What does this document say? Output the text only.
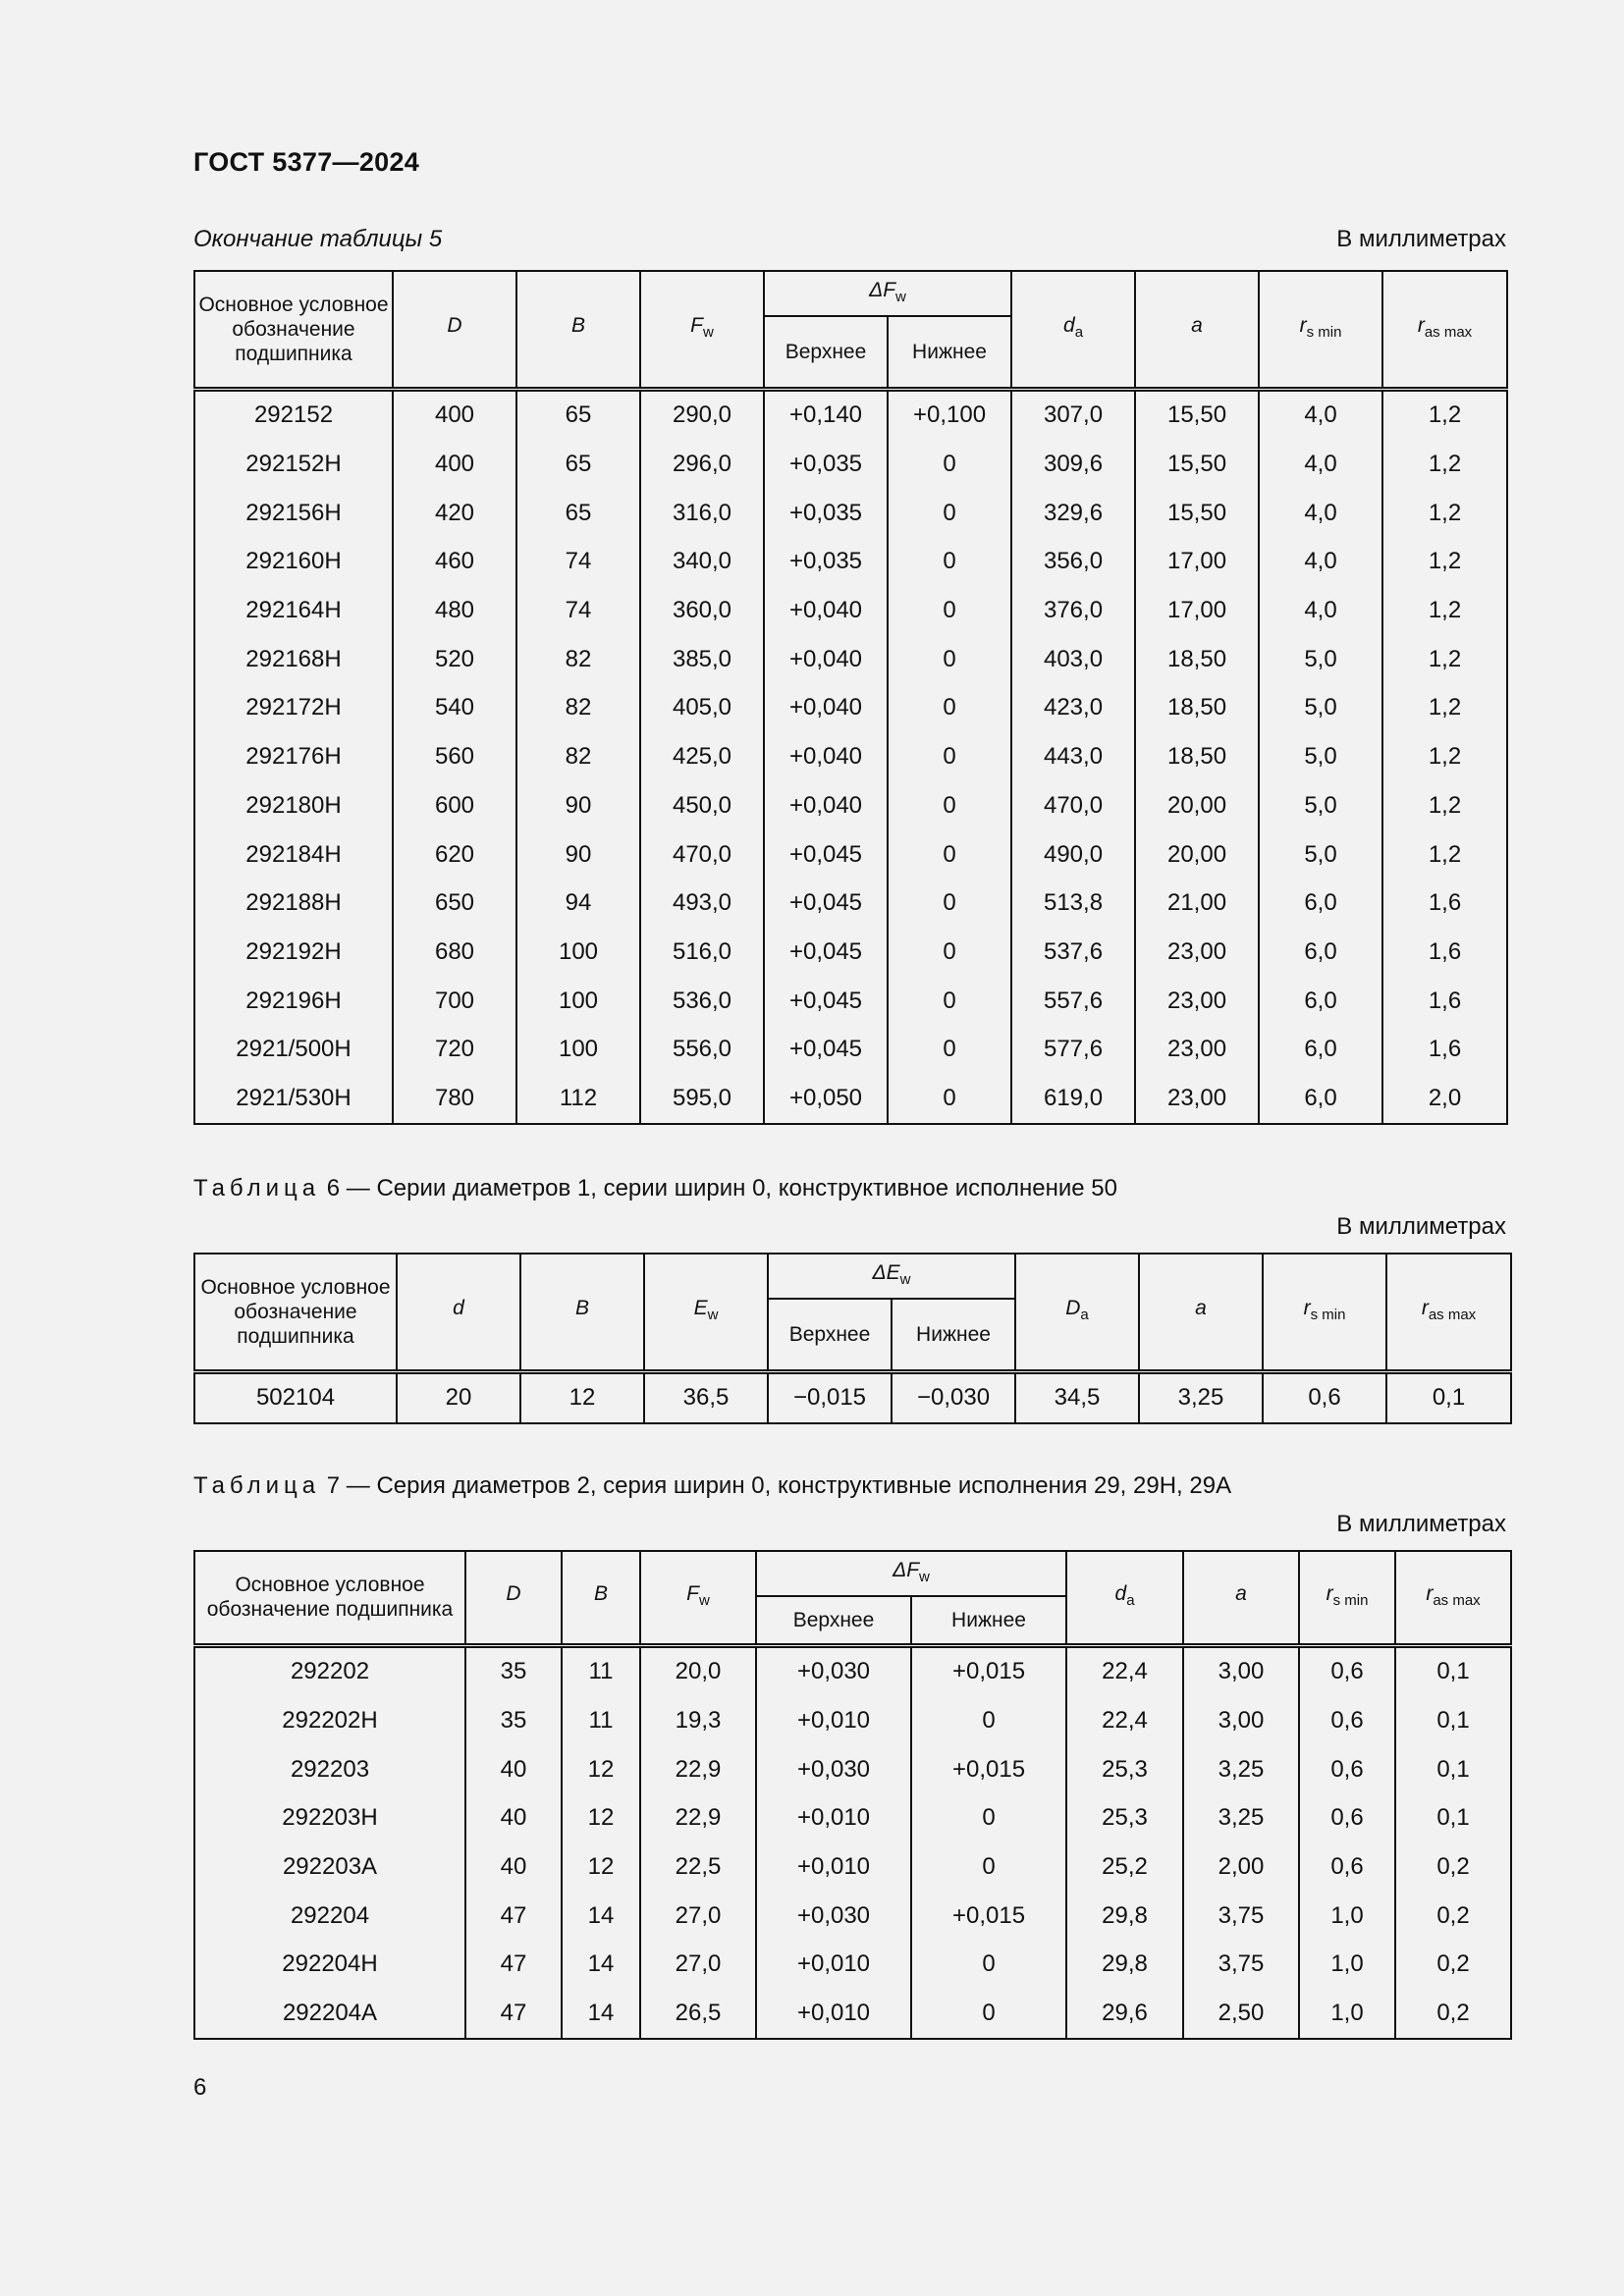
ГОСТ 5377—2024
Окончание таблицы 5	В миллиметрах
Основное условное обозначение подшипника	D	B	$F_w$	$\Delta F_w$		$d_a$	a	$r_{s min}$	$r_{as max}$
				Верхнее	Нижнее				
292152	400	65	290,0	+0,140	+0,100	307,0	15,50	4,0	1,2
292152H	400	65	296,0	+0,035	0	309,6	15,50	4,0	1,2
292156H	420	65	316,0	+0,035	0	329,6	15,50	4,0	1,2
292160H	460	74	340,0	+0,035	0	356,0	17,00	4,0	1,2
292164H	480	74	360,0	+0,040	0	376,0	17,00	4,0	1,2
292168H	520	82	385,0	+0,040	0	403,0	18,50	5,0	1,2
292172H	540	82	405,0	+0,040	0	423,0	18,50	5,0	1,2
292176H	560	82	425,0	+0,040	0	443,0	18,50	5,0	1,2
292180H	600	90	450,0	+0,040	0	470,0	20,00	5,0	1,2
292184H	620	90	470,0	+0,045	0	490,0	20,00	5,0	1,2
292188H	650	94	493,0	+0,045	0	513,8	21,00	6,0	1,6
292192H	680	100	516,0	+0,045	0	537,6	23,00	6,0	1,6
292196H	700	100	536,0	+0,045	0	557,6	23,00	6,0	1,6
2921/500H	720	100	556,0	+0,045	0	577,6	23,00	6,0	1,6
2921/530H	780	112	595,0	+0,050	0	619,0	23,00	6,0	2,0
Таблица 6 — Серии диаметров 1, серии ширин 0, конструктивное исполнение 50
В миллиметрах
Основное условное обозначение подшипника	d	B	$E_w$	$\Delta E_w$		$D_a$	a	$r_{s min}$	$r_{as max}$
				Верхнее	Нижнее				
502104	20	12	36,5	−0,015	−0,030	34,5	3,25	0,6	0,1
Таблица 7 — Серия диаметров 2, серия ширин 0, конструктивные исполнения 29, 29H, 29A
В миллиметрах
Основное условное обозначение подшипника	D	B	$F_w$	$\Delta F_w$		$d_a$	a	$r_{s min}$	$r_{as max}$
				Верхнее	Нижнее				
292202	35	11	20,0	+0,030	+0,015	22,4	3,00	0,6	0,1
292202H	35	11	19,3	+0,010	0	22,4	3,00	0,6	0,1
292203	40	12	22,9	+0,030	+0,015	25,3	3,25	0,6	0,1
292203H	40	12	22,9	+0,010	0	25,3	3,25	0,6	0,1
292203A	40	12	22,5	+0,010	0	25,2	2,00	0,6	0,2
292204	47	14	27,0	+0,030	+0,015	29,8	3,75	1,0	0,2
292204H	47	14	27,0	+0,010	0	29,8	3,75	1,0	0,2
292204A	47	14	26,5	+0,010	0	29,6	2,50	1,0	0,2
6
